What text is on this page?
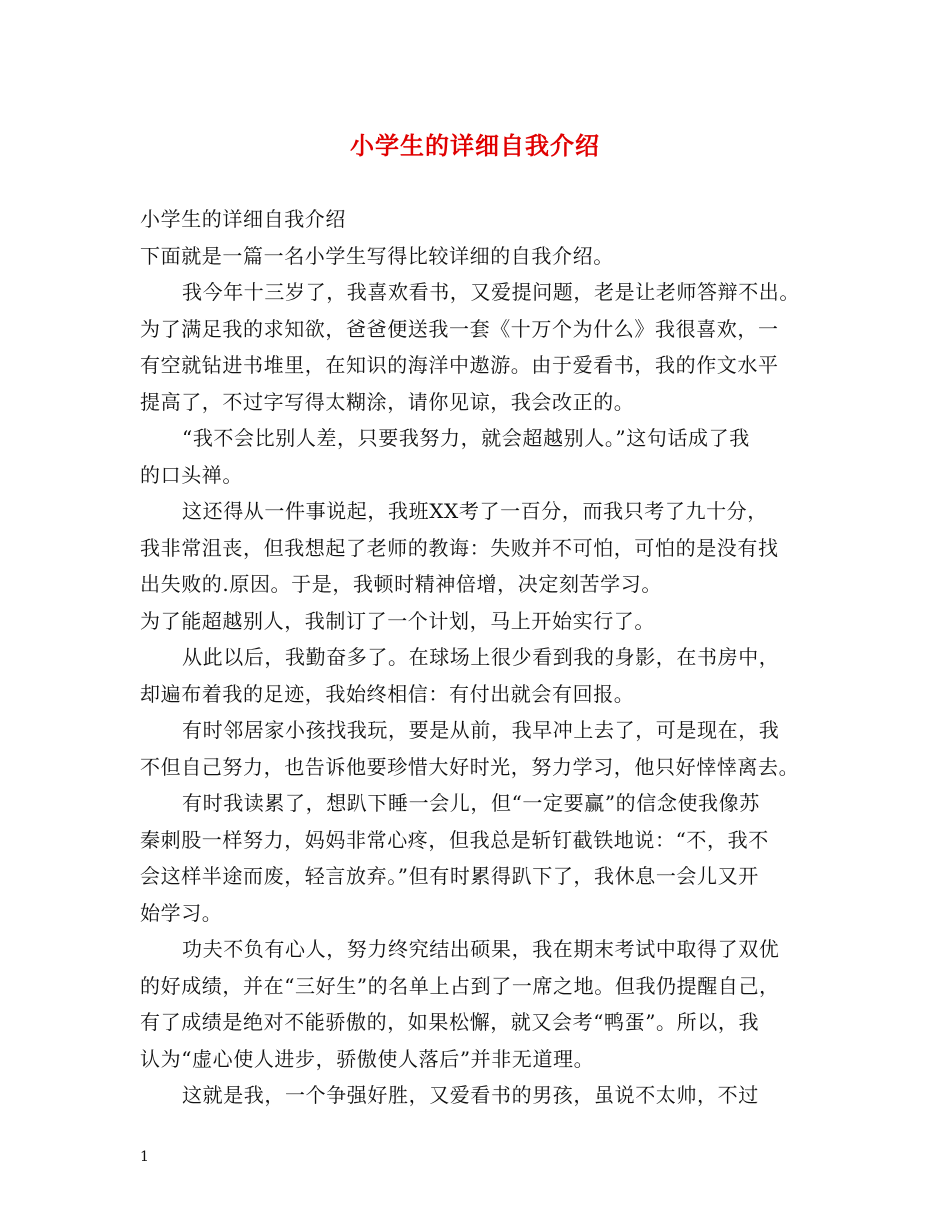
小学生的详细自我介绍
小学生的详细自我介绍
下面就是一篇一名小学生写得比较详细的自我介绍。
我今年十三岁了，我喜欢看书，又爱提问题，老是让老师答辩不出。
为了满足我的求知欲，爸爸便送我一套《十万个为什么》我很喜欢，一
有空就钻进书堆里，在知识的海洋中遨游。由于爱看书，我的作文水平
提高了，不过字写得太糊涂，请你见谅，我会改正的。
“我不会比别人差，只要我努力，就会超越别人。”这句话成了我
的口头禅。
这还得从一件事说起，我班XX考了一百分，而我只考了九十分，
我非常沮丧，但我想起了老师的教诲：失败并不可怕，可怕的是没有找
出失败的.原因。于是，我顿时精神倍增，决定刻苦学习。
为了能超越别人，我制订了一个计划，马上开始实行了。
从此以后，我勤奋多了。在球场上很少看到我的身影，在书房中，
却遍布着我的足迹，我始终相信：有付出就会有回报。
有时邻居家小孩找我玩，要是从前，我早冲上去了，可是现在，我
不但自己努力，也告诉他要珍惜大好时光，努力学习，他只好悻悻离去。
有时我读累了，想趴下睡一会儿，但“一定要赢”的信念使我像苏
秦刺股一样努力，妈妈非常心疼，但我总是斩钉截铁地说：“不，我不
会这样半途而废，轻言放弃。”但有时累得趴下了，我休息一会儿又开
始学习。
功夫不负有心人，努力终究结出硕果，我在期末考试中取得了双优
的好成绩，并在“三好生”的名单上占到了一席之地。但我仍提醒自己，
有了成绩是绝对不能骄傲的，如果松懈，就又会考“鸭蛋”。所以，我
认为“虚心使人进步，骄傲使人落后”并非无道理。
这就是我，一个争强好胜，又爱看书的男孩，虽说不太帅，不过
1
